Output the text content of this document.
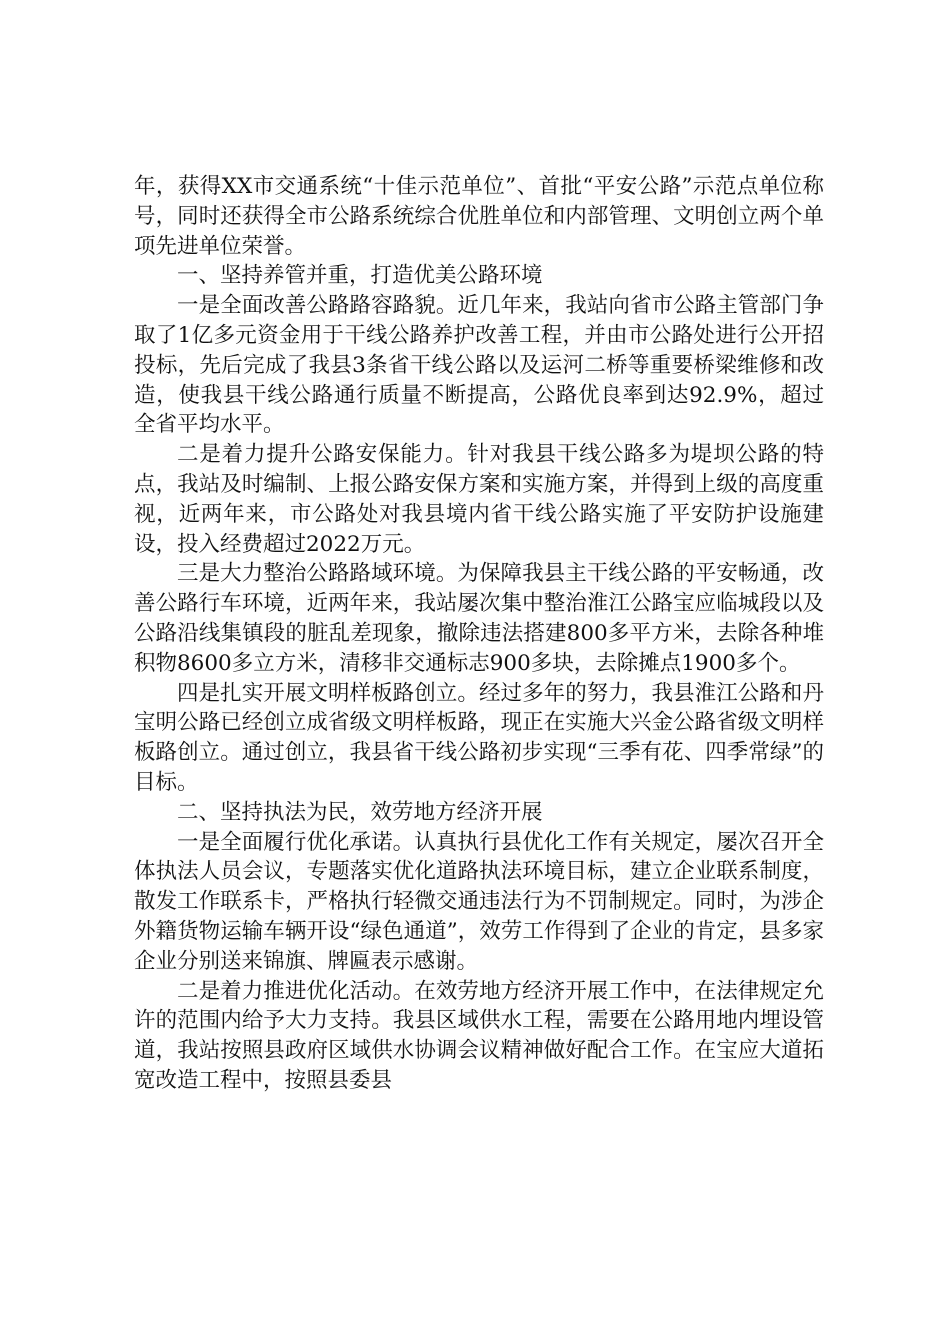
年，获得XX市交通系统“十佳示范单位”、首批“平安公路”示范点单位称号，同时还获得全市公路系统综合优胜单位和内部管理、文明创立两个单项先进单位荣誉。

一、坚持养管并重，打造优美公路环境

一是全面改善公路路容路貌。近几年来，我站向省市公路主管部门争取了1亿多元资金用于干线公路养护改善工程，并由市公路处进行公开招投标，先后完成了我县3条省干线公路以及运河二桥等重要桥梁维修和改造，使我县干线公路通行质量不断提高，公路优良率到达92.9%，超过全省平均水平。

二是着力提升公路安保能力。针对我县干线公路多为堤坝公路的特点，我站及时编制、上报公路安保方案和实施方案，并得到上级的高度重视，近两年来，市公路处对我县境内省干线公路实施了平安防护设施建设，投入经费超过2022万元。

三是大力整治公路路域环境。为保障我县主干线公路的平安畅通，改善公路行车环境，近两年来，我站屡次集中整治淮江公路宝应临城段以及公路沿线集镇段的脏乱差现象，撤除违法搭建800多平方米，去除各种堆积物8600多立方米，清移非交通标志900多块，去除摊点1900多个。

四是扎实开展文明样板路创立。经过多年的努力，我县淮江公路和丹宝明公路已经创立成省级文明样板路，现正在实施大兴金公路省级文明样板路创立。通过创立，我县省干线公路初步实现“三季有花、四季常绿”的目标。

二、坚持执法为民，效劳地方经济开展

一是全面履行优化承诺。认真执行县优化工作有关规定，屡次召开全体执法人员会议，专题落实优化道路执法环境目标，建立企业联系制度，散发工作联系卡，严格执行轻微交通违法行为不罚制规定。同时，为涉企外籍货物运输车辆开设“绿色通道”，效劳工作得到了企业的肯定，县多家企业分别送来锦旗、牌匾表示感谢。

二是着力推进优化活动。在效劳地方经济开展工作中，在法律规定允许的范围内给予大力支持。我县区域供水工程，需要在公路用地内埋设管道，我站按照县政府区域供水协调会议精神做好配合工作。在宝应大道拓宽改造工程中，按照县委县
